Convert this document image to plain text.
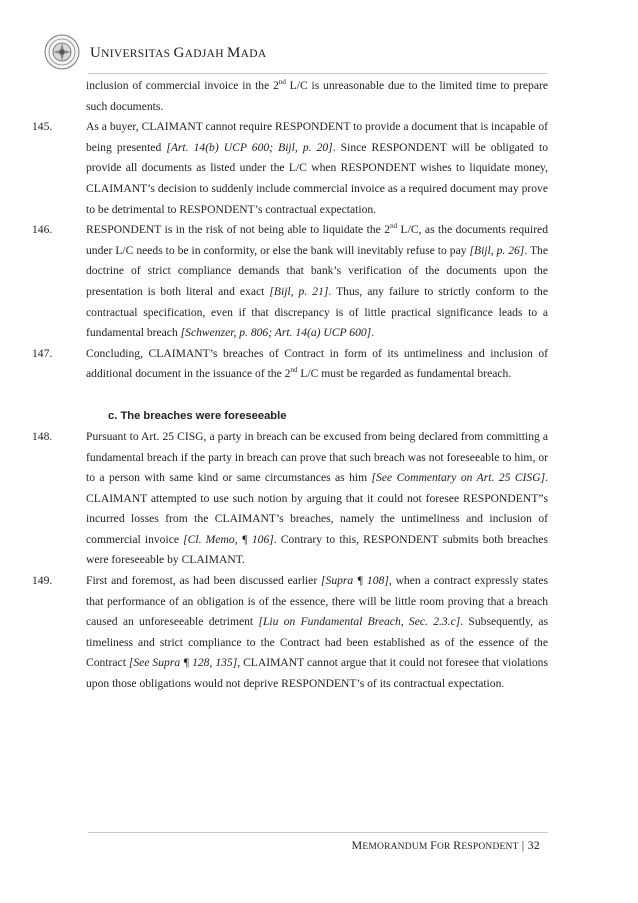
UNIVERSITAS GADJAH MADA
inclusion of commercial invoice in the 2nd L/C is unreasonable due to the limited time to prepare such documents.
145.	As a buyer, CLAIMANT cannot require RESPONDENT to provide a document that is incapable of being presented [Art. 14(b) UCP 600; Bijl, p. 20]. Since RESPONDENT will be obligated to provide all documents as listed under the L/C when RESPONDENT wishes to liquidate money, CLAIMANT’s decision to suddenly include commercial invoice as a required document may prove to be detrimental to RESPONDENT’s contractual expectation.
146.	RESPONDENT is in the risk of not being able to liquidate the 2nd L/C, as the documents required under L/C needs to be in conformity, or else the bank will inevitably refuse to pay [Bijl, p. 26]. The doctrine of strict compliance demands that bank’s verification of the documents upon the presentation is both literal and exact [Bijl, p. 21]. Thus, any failure to strictly conform to the contractual specification, even if that discrepancy is of little practical significance leads to a fundamental breach [Schwenzer, p. 806; Art. 14(a) UCP 600].
147.	Concluding, CLAIMANT’s breaches of Contract in form of its untimeliness and inclusion of additional document in the issuance of the 2nd L/C must be regarded as fundamental breach.
c. The breaches were foreseeable
148.	Pursuant to Art. 25 CISG, a party in breach can be excused from being declared from committing a fundamental breach if the party in breach can prove that such breach was not foreseeable to him, or to a person with same kind or same circumstances as him [See Commentary on Art. 25 CISG]. CLAIMANT attempted to use such notion by arguing that it could not foresee RESPONDENT”s incurred losses from the CLAIMANT’s breaches, namely the untimeliness and inclusion of commercial invoice [Cl. Memo, ¶ 106]. Contrary to this, RESPONDENT submits both breaches were foreseeable by CLAIMANT.
149.	First and foremost, as had been discussed earlier [Supra ¶ 108], when a contract expressly states that performance of an obligation is of the essence, there will be little room proving that a breach caused an unforeseeable detriment [Liu on Fundamental Breach, Sec. 2.3.c]. Subsequently, as timeliness and strict compliance to the Contract had been established as of the essence of the Contract [See Supra ¶ 128, 135], CLAIMANT cannot argue that it could not foresee that violations upon those obligations would not deprive RESPONDENT’s of its contractual expectation.
MEMORANDUM FOR RESPONDENT | 32
